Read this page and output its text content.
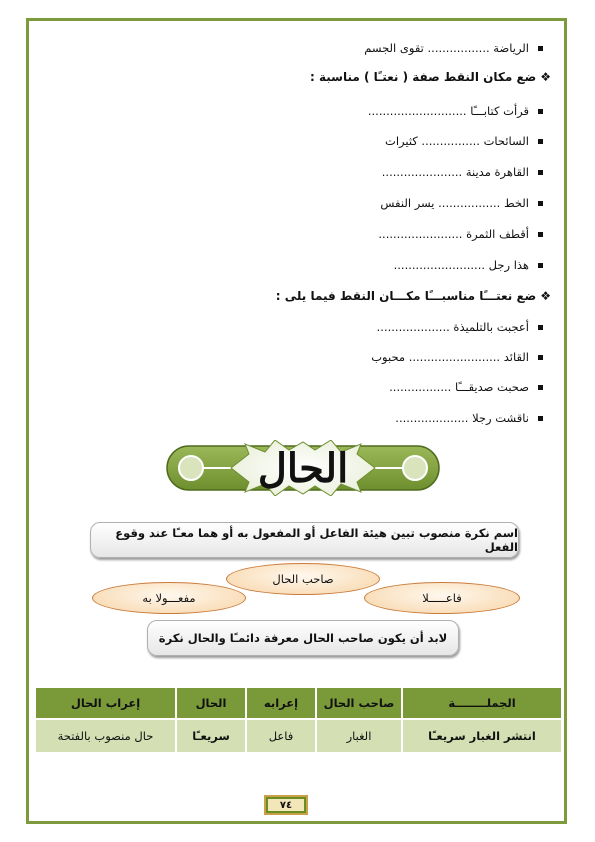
الرياضة ................. تقوى الجسم
❖ضع مكان النقط صفة ( نعتـًا ) مناسبة :
قرأت كتابـــًا ...........................
السائحات ................ كثيرات
القاهرة مدينة ......................
الخط ................. يسر النفس
أقطف الثمرة .......................
هذا رجل .........................
❖ضع نعتـــًا مناسبـــًا مكـــان النقط فيما يلى :
أعجبت بالتلميذة ....................
القائد ......................... محبوب
صحبت صديقـــًا .................
ناقشت رجلا ....................
الحال
اسم نكرة منصوب تبين هيئة الفاعل أو المفعول به أو هما معـًا عند وقوع الفعل
صاحب الحال
مفعـــولا به	فاعـــــلا
لابد أن يكون صاحب الحال معرفة دائمـًا والحال نكرة
الجملــــــــة	صاحب الحال	إعرابه	الحال	إعراب الحال
انتشر الغبار سريعـًا	الغبار	فاعل	سريعـًا	حال منصوب بالفتحة
٧٤
